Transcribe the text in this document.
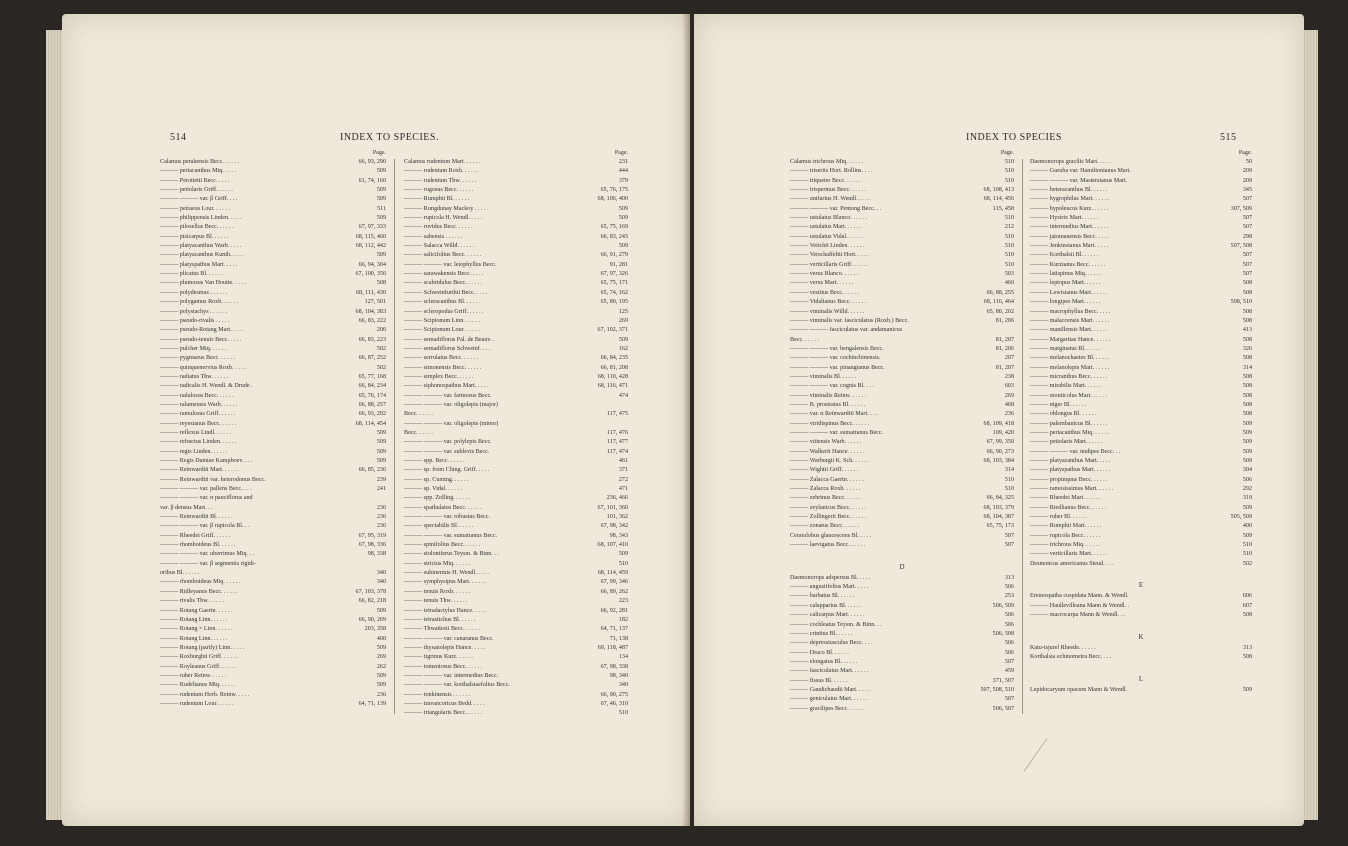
514	INDEX TO SPECIES.
Page.
Calamus perakensis Becc. . . . . .	66, 93, 290
——— periacanthus Miq. . . . .	509
——— Perottetii Becc. . . . .	61, 74, 160
——— petiolaris Griff. . . . . .	509
——— ——— var. β Griff. . . .	509
——— petraeus Lour. . . . . .	511
——— philippensis Linden. . . . .	509
——— pilosellus Becc. . . . . .	67, 97, 333
——— pisicarpus Bl. . . . . .	68, 115, 460
——— platyacanthus Warb. . . . .	68, 112, 442
——— platyacanthus Kunth. . . . .	509
——— platyspathus Mart. . . . .	66, 94, 304
——— plicatus Bl. . . . . .	67, 100, 356
——— plumosus Van Houtte. . . . .	508
——— polydesmus . . . . . .	68, 111, 430
——— polygamus Roxb. . . . . .	127, 501
——— polystachys . . . . . .	68, 104, 383
——— pseudo-rivalis . . . . .	66, 83, 222
——— pseudo-Rotang Mart. . . . .	206
——— pseudo-tenuis Becc. . . . .	66, 83, 223
——— pulcher Miq. . . . . .	502
——— pygmaeus Becc. . . . . .	66, 87, 252
——— quinquenervius Roxb. . . . .	502
——— radiatus Thw. . . . . .	65, 77, 168
——— radicalis H. Wendl. & Drude .	66, 84, 234
——— radulosus Becc. . . . . .	65, 76, 174
——— ralumensis Warb. . . . . .	66, 88, 257
——— ramulosus Griff. . . . . .	66, 93, 292
——— reyesianus Becc. . . . . .	68, 114, 454
——— reflexus Lindl. . . . . .	509
——— refractus Linden. . . . . .	509
——— regis Linden. . . . . .	509
——— Regis Damiae Kamphoev. . . .	509
——— Reinwardtii Mart. . . . . .	66, 85, 236
——— Reinwardtii var. heterodonus Becc.	239
——— ——— var. pallens Becc. . . .	241
——— ——— var. α pauciflorus and
var. β densus Mart. . .	236
——— Reinwardtii Bl. . . . . .	236
——— ——— var. β rupicola Bl. . .	236
——— Rheedei Griff. . . . . .	67, 95, 319
——— rhomboideus Bl. . . . . .	67, 98, 336
——— ——— var. uberrimus Miq. . .	98, 338
——— ——— var. β segmentis rigidi-
oribus Bl. . . . . .	340
——— rhomboideus Miq. . . . . .	340
——— Ridleyanus Becc. . . . . .	67, 103, 378
——— rivalis Thw. . . . . .	66, 82, 218
——— Rotang Gaertn. . . . . .	509
——— Rotang Linn. . . . . .	66, 90, 269
——— Rotang × Linn. . . . . .	203, 358
——— Rotang Linn. . . . . .	400
——— Rotang (partly) Linn. . . . .	509
——— Roxburghii Griff. . . . . .	269
——— Royleanus Griff. . . . . .	262
——— ruber Reinw. . . . . .	509
——— Rudelianus Miq. . . . . .	509
——— rudentum Herb. Reinw. . . . .	236
——— rudentum Lour. . . . . .	64, 71, 139
Page.
Calamus rudentum Mart. . . . . .	231
——— rudentum Roxb. . . . . .	444
——— rudentum Thw. . . . . .	379
——— rugosus Becc. . . . . .	65, 76, 175
——— Rumphii Bl. . . . . .	68, 106, 400
——— Rungdunay Mackoy . . . . .	509
——— rupicola H. Wendl. . . . .	509
——— ruvidus Becc. . . . . .	65, 75, 169
——— sabensis . . . . . .	66, 83, 245
——— Salacca Willd. . . . . .	509
——— salicifolius Becc. . . . . .	66, 91, 279
——— ——— var. leiophyllus Becc.	91, 281
——— sarawakensis Becc. . . . .	67, 97, 326
——— scabridulus Becc. . . . . .	65, 75, 171
——— Schweinfurthii Becc. . . . .	65, 74, 162
——— scleracanthus Bl. . . . . .	65, 80, 195
——— scleropodus Griff. . . . . .	125
——— Scipionum Linn. . . . . .	269
——— Scipionum Lour. . . . . .	67, 102, 371
——— semadiflorus Pal. de Beauv. .	509
——— semadiflorus Schweinf. . . .	162
——— serrulatus Becc. . . . . .	66, 84, 235
——— simonensis Becc. . . . . .	66, 81, 208
——— simplex Becc. . . . . .	68, 110, 428
——— siphonospathus Mart. . . . .	68, 116, 471
——— ——— var. farinosus Becc.	474
——— ——— var. oligolepis (major)
Becc. . . . . .	117, 475
——— ——— var. oligolepis (minor)
Becc. . . . . .	117, 476
——— ——— var. polylepis Becc.	117, 477
——— ——— var. sublevis Becc.	117, 474
——— spp. Becc. . . . . .	461
——— sp. from Ching. Griff. . . . .	371
——— sp. Cuming. . . . . .	272
——— sp. Vidal. . . . . .	471
——— spp. Zolling. . . . . .	236, 466
——— spathulatus Becc. . . . . .	67, 101, 360
——— ——— var. robustus Becc.	101, 362
——— spectabilis Bl. . . . . .	67, 98, 342
——— ——— var. sumatranus Becc.	98, 343
——— spinifolius Becc. . . . . .	68, 107, 410
——— stoloniferus Teysm. & Binn. . .	509
——— strictus Miq. . . . . .	510
——— subinermis H. Wendl. . . . .	68, 114, 459
——— symphysipus Mart. . . . . .	67, 99, 346
——— tenuis Roxb. . . . . .	66, 89, 262
——— tenuis Thw. . . . . .	223
——— tetradactylus Hance. . . . .	66, 92, 281
——— tetrastichus Bl. . . . . .	182
——— Thwaitesii Becc. . . . . .	64, 71, 137
——— ——— var. canaranus Becc.	71, 138
——— thysanolepis Hance. . . . .	69, 118, 487
——— tigrinus Kurz. . . . . .	134
——— tomentosus Becc. . . . . .	67, 98, 338
——— ——— var. intermedius Becc.	98, 340
——— ——— var. korthalsiaefolius Becc.	340
——— tonkinensis . . . . . .	66, 90, 275
——— travancoricus Bedd. . . . .	67, 46, 310
——— triangularis Becc. . . . . .	510
INDEX TO SPECIES	515
Page.
Calamus trichrous Miq. . . . . .	510
——— triseriis Hort. Rollins. . . .	510
——— triqueter Becc. . . . . .	510
——— trispermus Becc. . . . . .	68, 108, 413
——— unifarius H. Wendl. . . . .	68, 114, 456
——— ——— var. Pentong Becc. . .	115, 458
——— ustulatus Blanco. . . . . .	510
——— ustulatus Mart. . . . . .	212
——— ustulatus Vidal. . . . . .	510
——— Veitchii Linden. . . . . .	510
——— Verschaffeltii Hort. . . . .	510
——— verticillaris Griff. . . . . .	510
——— verus Blanco. . . . . .	503
——— verus Mart. . . . . .	460
——— vestitus Becc. . . . . .	66, 88, 255
——— Vidalianus Becc. . . . . .	68, 116, 464
——— viminalis Willd. . . . . .	65, 80, 202
——— viminalis var. fasciculatus (Roxb.) Becc.	81, 206
——— ——— fasciculatus var. andamanicus
Becc. . . . . .	81, 207
——— ——— var. bengalensis Becc.	81, 206
——— ——— var. cochinchinensis.	207
——— ——— var. pinangianus Becc.	81, 207
——— viminalis Bl. . . . . .	238
——— ——— var. cognis Bl. . . .	603
——— viminalis Reinw. . . . . .	269
——— B. prostratus Bl. . . . . .	468
——— var. α Reinwardtii Mart. . . .	236
——— viridispinus Becc. . . . . .	68, 109, 418
——— ——— var. sumatranus Becc.	109, 420
——— vitiensis Warb. . . . . .	67, 99, 350
——— Walkerii Hance. . . . . .	66, 90, 273
——— Warburgii K. Sch. . . . . .	68, 103, 384
——— Wightii Griff. . . . . .	314
——— Zalacca Gaertn. . . . . .	510
——— Zalacca Roxb. . . . . .	510
——— zebrinus Becc. . . . . .	66, 84, 325
——— zeylanicus Becc. . . . . .	68, 103, 379
——— Zollingerii Becc. . . . . .	68, 104, 387
——— zonatus Becc. . . . . .	65, 75, 173
Ceratolobus glaucescens Bl. . . . .	507
——— laevigatus Becc. . . . . .	507
D
Daemonorops adspersus Bl. . . . .	313
——— angustifolius Mart. . . . .	506
——— barbatus Bl. . . . . .	253
——— calapparius Bl. . . . . .	506, 509
——— calicarpus Mart. . . . . .	506
——— cochleatus Teysm. & Binn. . .	506
——— crinitus Bl. . . . . .	506, 508
——— depressiusculus Becc. . . .	506
——— Draco Bl. . . . . .	506
——— elongatus Bl. . . . . .	507
——— fasciculatus Mart. . . . . .	459
——— fissus Bl. . . . . .	371, 507
——— Gaudichaudii Mart. . . . .	507, 508, 510
——— geniculatus Mart. . . . . .	507
——— gracilipes Becc. . . . . .	506, 507
Page.
Daemonorops gracilis Mart. . . . .	50
——— Guruba var. Hamiltonianus Mart.	209
——— ——— var. Mastersianus Mart.	209
——— heteracanthus Bl. . . . . .	345
——— hygrophilus Mart. . . . . .	507
——— hypoleucus Kurz. . . . . .	307, 509
——— Hystrix Mart. . . . . .	507
——— intermedius Mart. . . . . .	507
——— jatomanensis Becc. . . . .	298
——— Jenkinsianus Mart. . . . .	507, 508
——— Korthalsii Bl. . . . . .	507
——— Kurzianus Becc. . . . . .	507
——— latispinus Miq. . . . . .	507
——— leptopus Mart. . . . . .	508
——— Lewisianus Mart. . . . . .	508
——— longipes Mart. . . . . .	508, 510
——— macrophyllus Becc. . . . .	508
——— malaccensis Mart. . . . . .	508
——— manillensis Mart. . . . . .	413
——— Margaritae Hance. . . . . .	508
——— marginatus Bl. . . . . .	326
——— melanochaetes Bl. . . . . .	508
——— melanolepis Mart. . . . . .	314
——— micranthus Becc. . . . . .	508
——— mirabilis Mart. . . . . .	508
——— monticolus Mart. . . . . .	508
——— niger Bl. . . . . .	508
——— oblongus Bl. . . . . .	508
——— palembanicus Bl. . . . . .	509
——— periacanthus Miq. . . . . .	509
——— petiolaris Mart. . . . . .	509
——— ——— var. nudipes Becc. . .	509
——— platyacanthus Mart. . . . .	509
——— platyspathus Mart. . . . . .	304
——— propinquus Becc. . . . . .	506
——— ramosissimus Mart. . . . . .	292
——— Rheedei Mart. . . . . .	319
——— Riedlianus Becc. . . . . .	509
——— ruber Bl. . . . . .	505, 509
——— Rumphii Mart. . . . . .	400
——— rupicola Becc. . . . . .	509
——— trichrous Miq. . . . . .	510
——— verticillaris Mart. . . . . .	510
Desmoncus americanus Steud. . . .	502
E
Eremospatha cuspidata Mann. & Wendl.	606
——— Haullevilleana Mann & Wendl. .	607
——— macrocarpa Mann & Wendl. . .	508
K
Katu-tsjurel Rheede. . . . . .	313
Korthalsia echinometra Becc. . . .	508
L
Lepidocaryum opacum Mann & Wendl.	509
